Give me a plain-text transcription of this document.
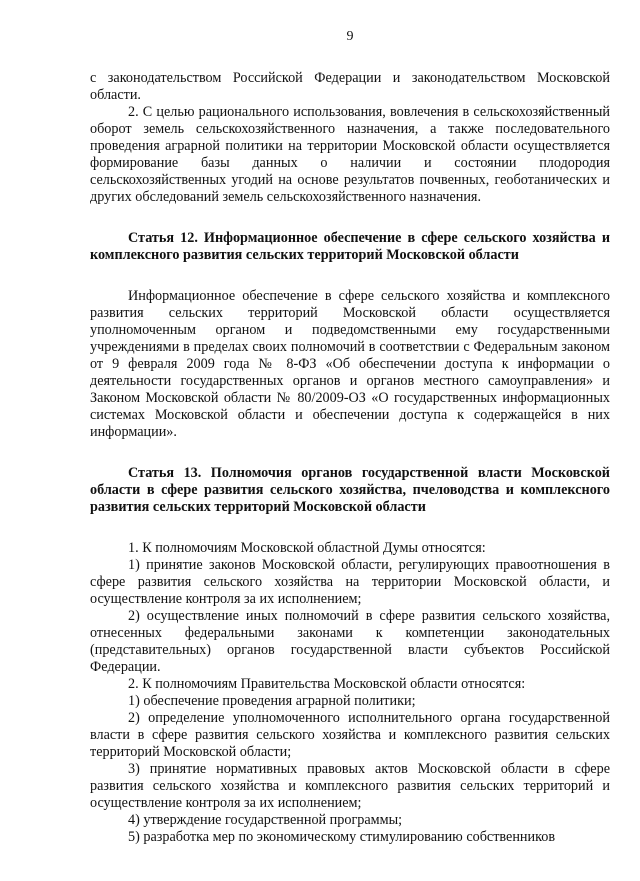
9

с законодательством Российской Федерации и законодательством Московской области.

2. С целью рационального использования, вовлечения в сельскохозяйственный оборот земель сельскохозяйственного назначения, а также последовательного проведения аграрной политики на территории Московской области осуществляется формирование базы данных о наличии и состоянии плодородия сельскохозяйственных угодий на основе результатов почвенных, геоботанических и других обследований земель сельскохозяйственного назначения.

Статья 12. Информационное обеспечение в сфере сельского хозяйства и комплексного развития сельских территорий Московской области

Информационное обеспечение в сфере сельского хозяйства и комплексного развития сельских территорий Московской области осуществляется уполномоченным органом и подведомственными ему государственными учреждениями в пределах своих полномочий в соответствии с Федеральным законом от 9 февраля 2009 года № 8-ФЗ «Об обеспечении доступа к информации о деятельности государственных органов и органов местного самоуправления» и Законом Московской области № 80/2009-ОЗ «О государственных информационных системах Московской области и обеспечении доступа к содержащейся в них информации».

Статья 13. Полномочия органов государственной власти Московской области в сфере развития сельского хозяйства, пчеловодства и комплексного развития сельских территорий Московской области

1. К полномочиям Московской областной Думы относятся:

1) принятие законов Московской области, регулирующих правоотношения в сфере развития сельского хозяйства на территории Московской области, и осуществление контроля за их исполнением;

2) осуществление иных полномочий в сфере развития сельского хозяйства, отнесенных федеральными законами к компетенции законодательных (представительных) органов государственной власти субъектов Российской Федерации.

2. К полномочиям Правительства Московской области относятся:

1) обеспечение проведения аграрной политики;

2) определение уполномоченного исполнительного органа государственной власти в сфере развития сельского хозяйства и комплексного развития сельских территорий Московской области;

3) принятие нормативных правовых актов Московской области в сфере развития сельского хозяйства и комплексного развития сельских территорий и осуществление контроля за их исполнением;

4) утверждение государственной программы;

5) разработка мер по экономическому стимулированию собственников
